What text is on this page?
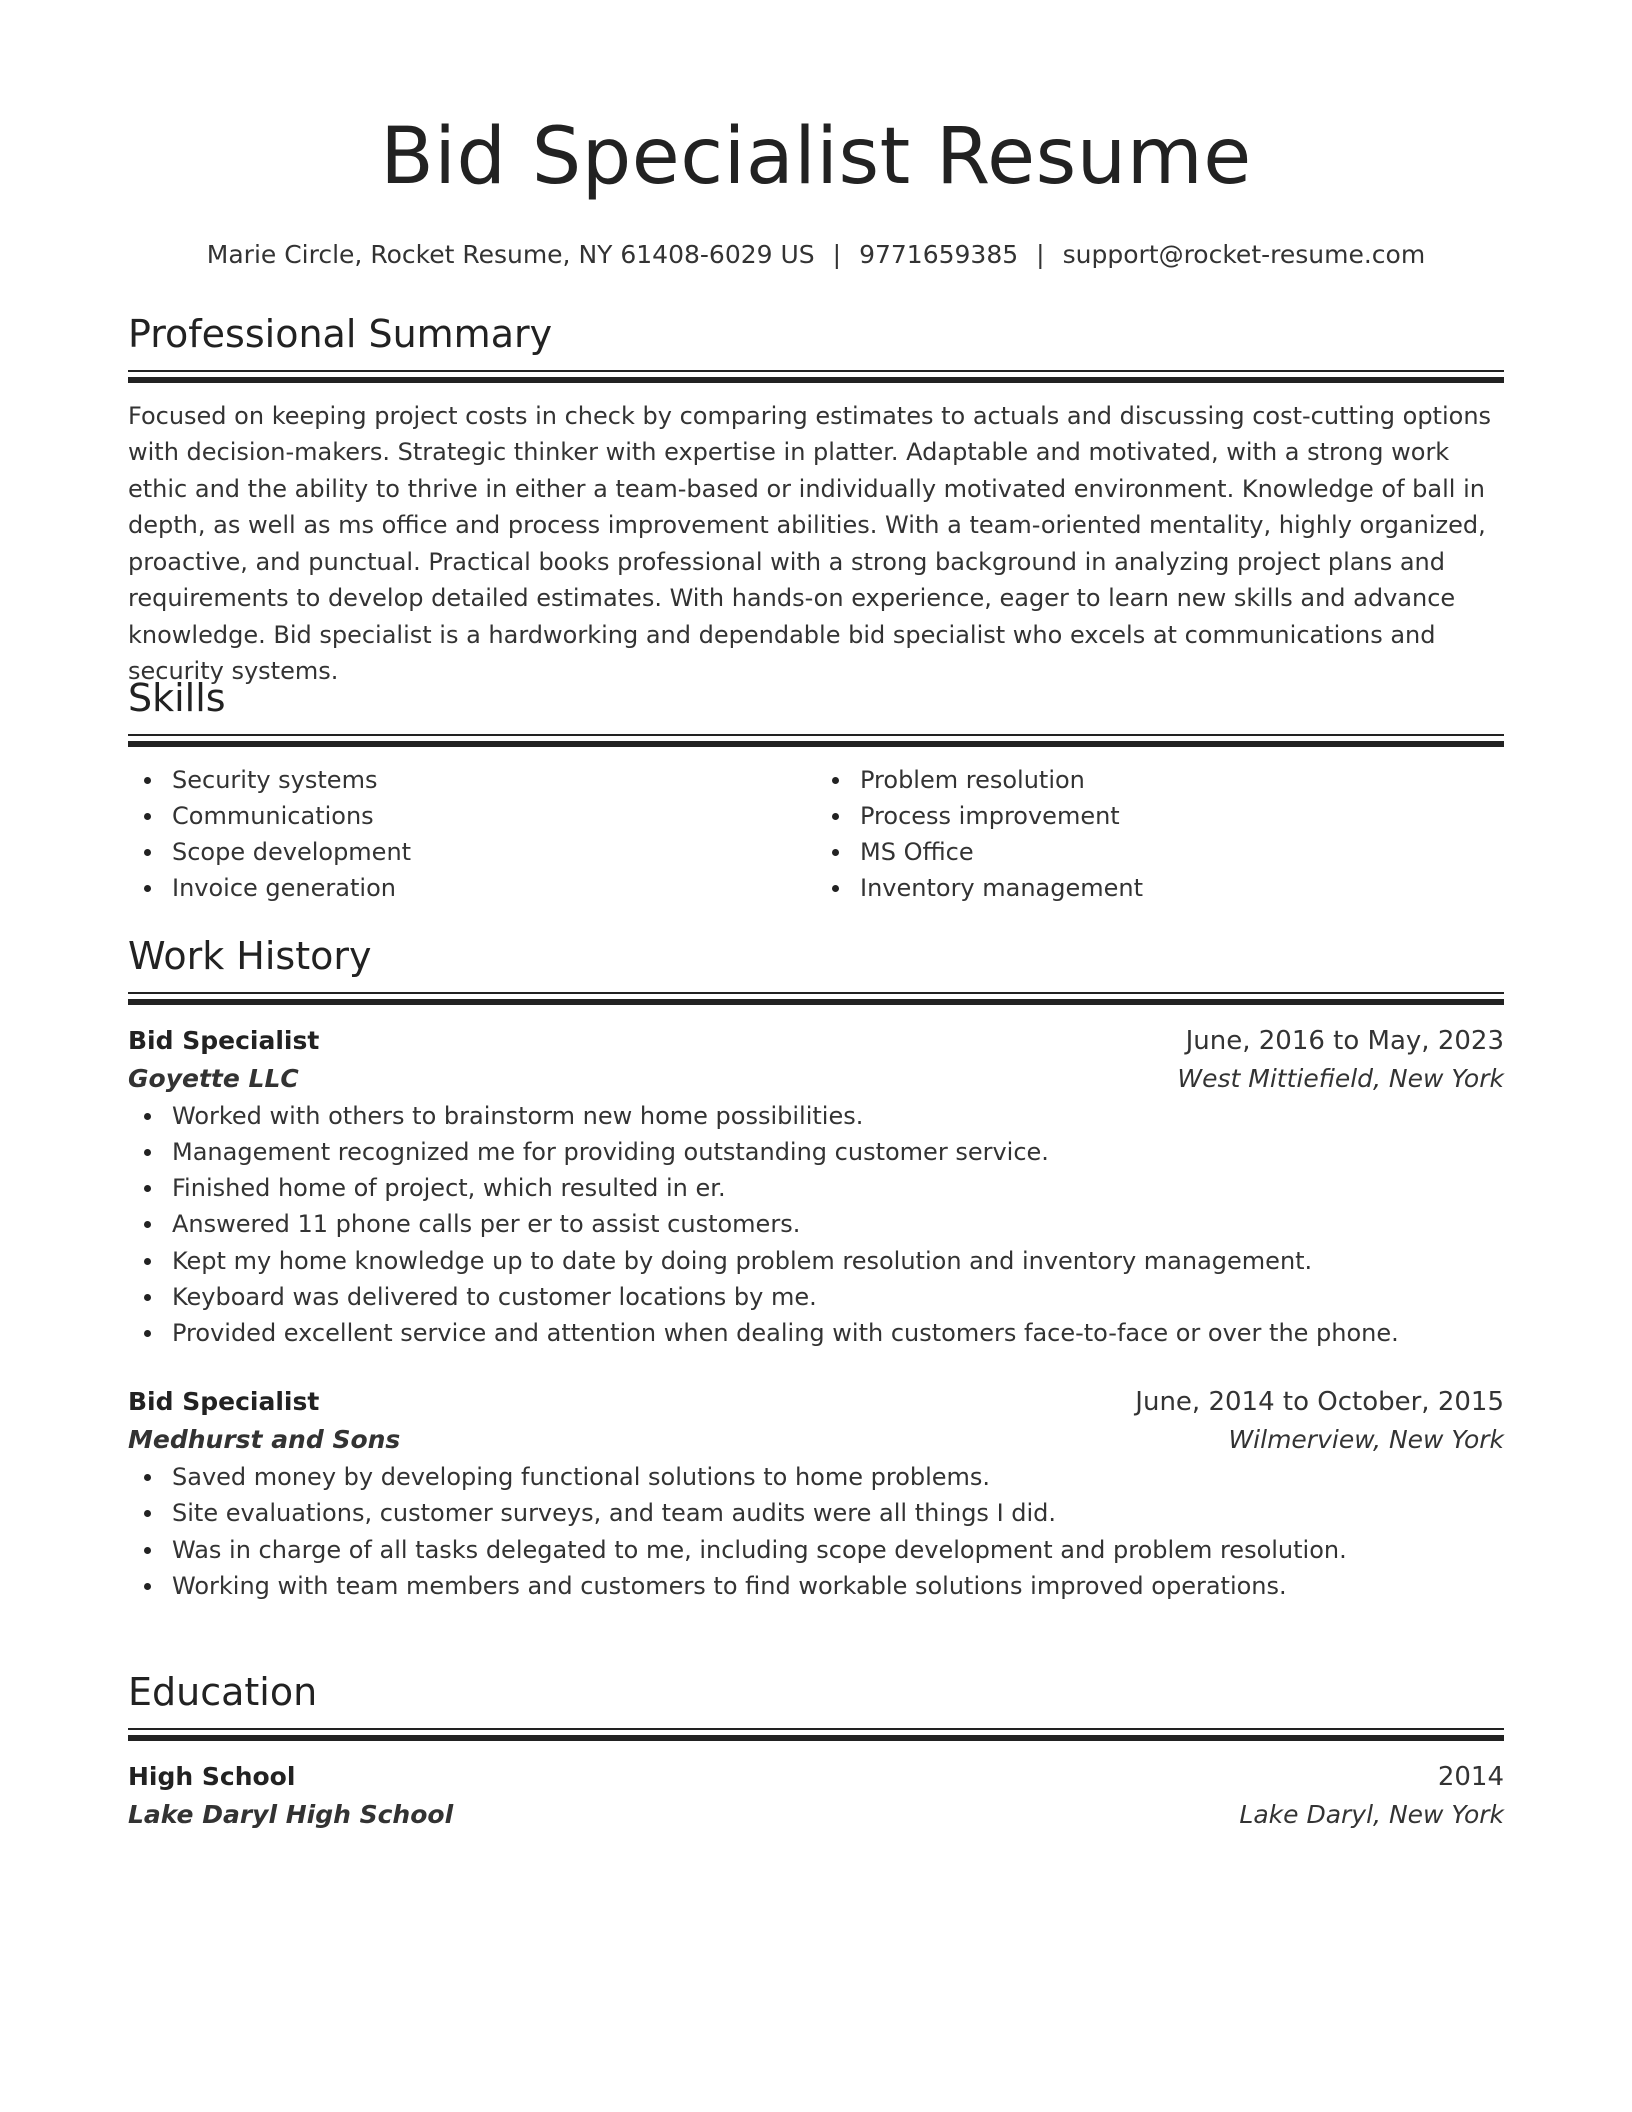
Bid Specialist Resume
Marie Circle, Rocket Resume, NY 61408-6029 US | 9771659385 | support@rocket-resume.com
Professional Summary

Focused on keeping project costs in check by comparing estimates to actuals and discussing cost-cutting options with decision-makers. Strategic thinker with expertise in platter. Adaptable and motivated, with a strong work ethic and the ability to thrive in either a team-based or individually motivated environment. Knowledge of ball in depth, as well as ms office and process improvement abilities. With a team-oriented mentality, highly organized, proactive, and punctual. Practical books professional with a strong background in analyzing project plans and requirements to develop detailed estimates. With hands-on experience, eager to learn new skills and advance knowledge. Bid specialist is a hardworking and dependable bid specialist who excels at communications and security systems.

Skills
Security systems
Communications
Scope development
Invoice generation
Problem resolution
Process improvement
MS Office
Inventory management
Work History
Bid Specialist	June, 2016 to May, 2023
Goyette LLC	West Mittiefield, New York
Worked with others to brainstorm new home possibilities.
Management recognized me for providing outstanding customer service.
Finished home of project, which resulted in er.
Answered 11 phone calls per er to assist customers.
Kept my home knowledge up to date by doing problem resolution and inventory management.
Keyboard was delivered to customer locations by me.
Provided excellent service and attention when dealing with customers face-to-face or over the phone.
Bid Specialist	June, 2014 to October, 2015
Medhurst and Sons	Wilmerview, New York
Saved money by developing functional solutions to home problems.
Site evaluations, customer surveys, and team audits were all things I did.
Was in charge of all tasks delegated to me, including scope development and problem resolution.
Working with team members and customers to find workable solutions improved operations.
Education
High School	2014
Lake Daryl High School	Lake Daryl, New York
